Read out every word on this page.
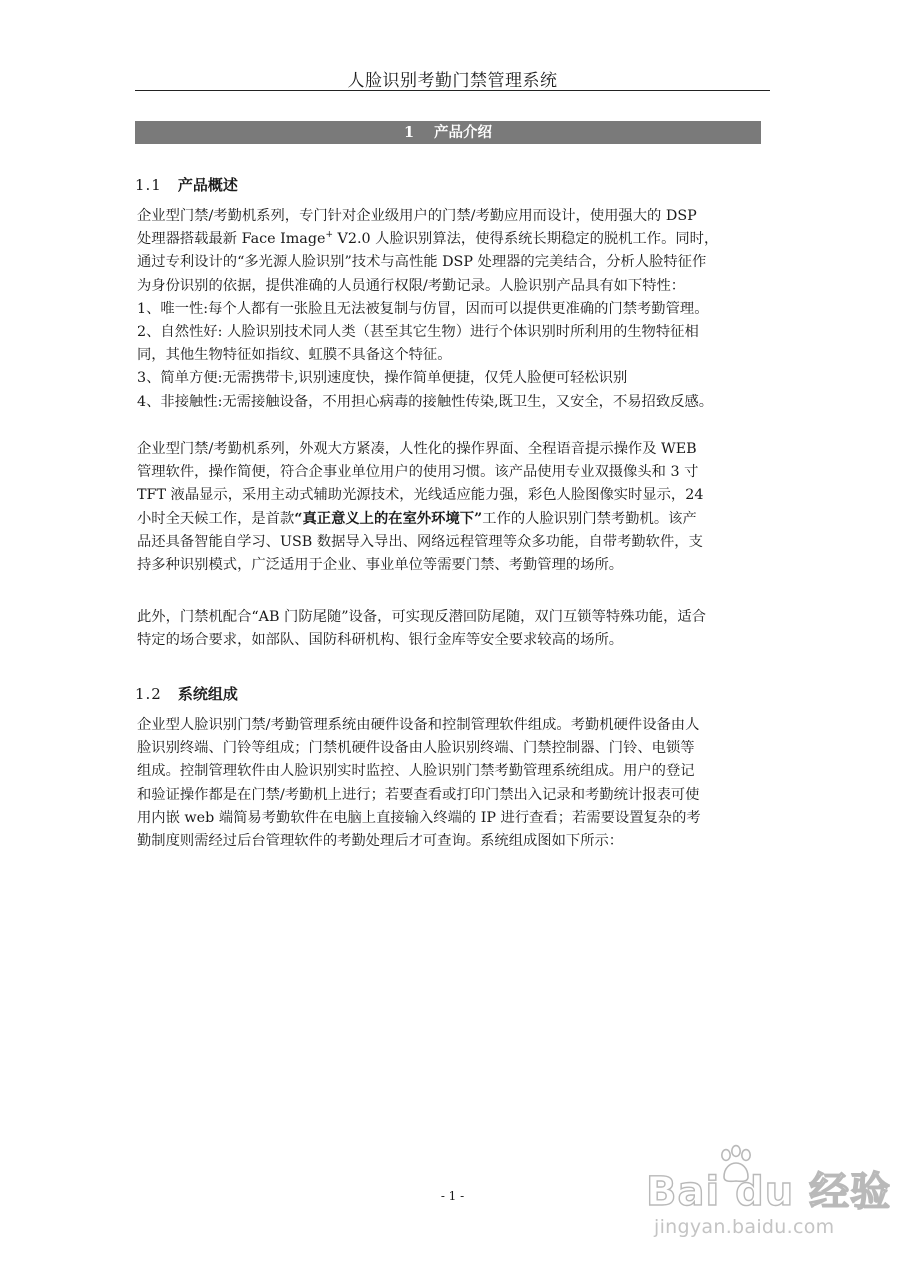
人脸识别考勤门禁管理系统
1 产品介绍
1.1 产品概述
企业型门禁/考勤机系列，专门针对企业级用户的门禁/考勤应用而设计，使用强大的 DSP
处理器搭载最新 Face Image+ V2.0 人脸识别算法，使得系统长期稳定的脱机工作。同时，
通过专利设计的“多光源人脸识别”技术与高性能 DSP 处理器的完美结合，分析人脸特征作
为身份识别的依据，提供准确的人员通行权限/考勤记录。人脸识别产品具有如下特性：
1、唯一性:每个人都有一张脸且无法被复制与仿冒，因而可以提供更准确的门禁考勤管理。
2、自然性好: 人脸识别技术同人类（甚至其它生物）进行个体识别时所利用的生物特征相
同，其他生物特征如指纹、虹膜不具备这个特征。
3、简单方便:无需携带卡,识别速度快，操作简单便捷，仅凭人脸便可轻松识别
4、非接触性:无需接触设备，不用担心病毒的接触性传染,既卫生，又安全，不易招致反感。
企业型门禁/考勤机系列，外观大方紧凑，人性化的操作界面、全程语音提示操作及 WEB
管理软件，操作简便，符合企事业单位用户的使用习惯。该产品使用专业双摄像头和 3 寸
TFT 液晶显示，采用主动式辅助光源技术，光线适应能力强，彩色人脸图像实时显示，24
小时全天候工作，是首款“真正意义上的在室外环境下”工作的人脸识别门禁考勤机。该产
品还具备智能自学习、USB 数据导入导出、网络远程管理等众多功能，自带考勤软件，支
持多种识别模式，广泛适用于企业、事业单位等需要门禁、考勤管理的场所。
此外，门禁机配合“AB 门防尾随”设备，可实现反潜回防尾随，双门互锁等特殊功能，适合
特定的场合要求，如部队、国防科研机构、银行金库等安全要求较高的场所。
1.2 系统组成
企业型人脸识别门禁/考勤管理系统由硬件设备和控制管理软件组成。考勤机硬件设备由人
脸识别终端、门铃等组成；门禁机硬件设备由人脸识别终端、门禁控制器、门铃、电锁等
组成。控制管理软件由人脸识别实时监控、人脸识别门禁考勤管理系统组成。用户的登记
和验证操作都是在门禁/考勤机上进行；若要查看或打印门禁出入记录和考勤统计报表可使
用内嵌 web 端简易考勤软件在电脑上直接输入终端的 IP 进行查看；若需要设置复杂的考
勤制度则需经过后台管理软件的考勤处理后才可查询。系统组成图如下所示：
- 1 -	Bai du 经验
jingyan.baidu.com
